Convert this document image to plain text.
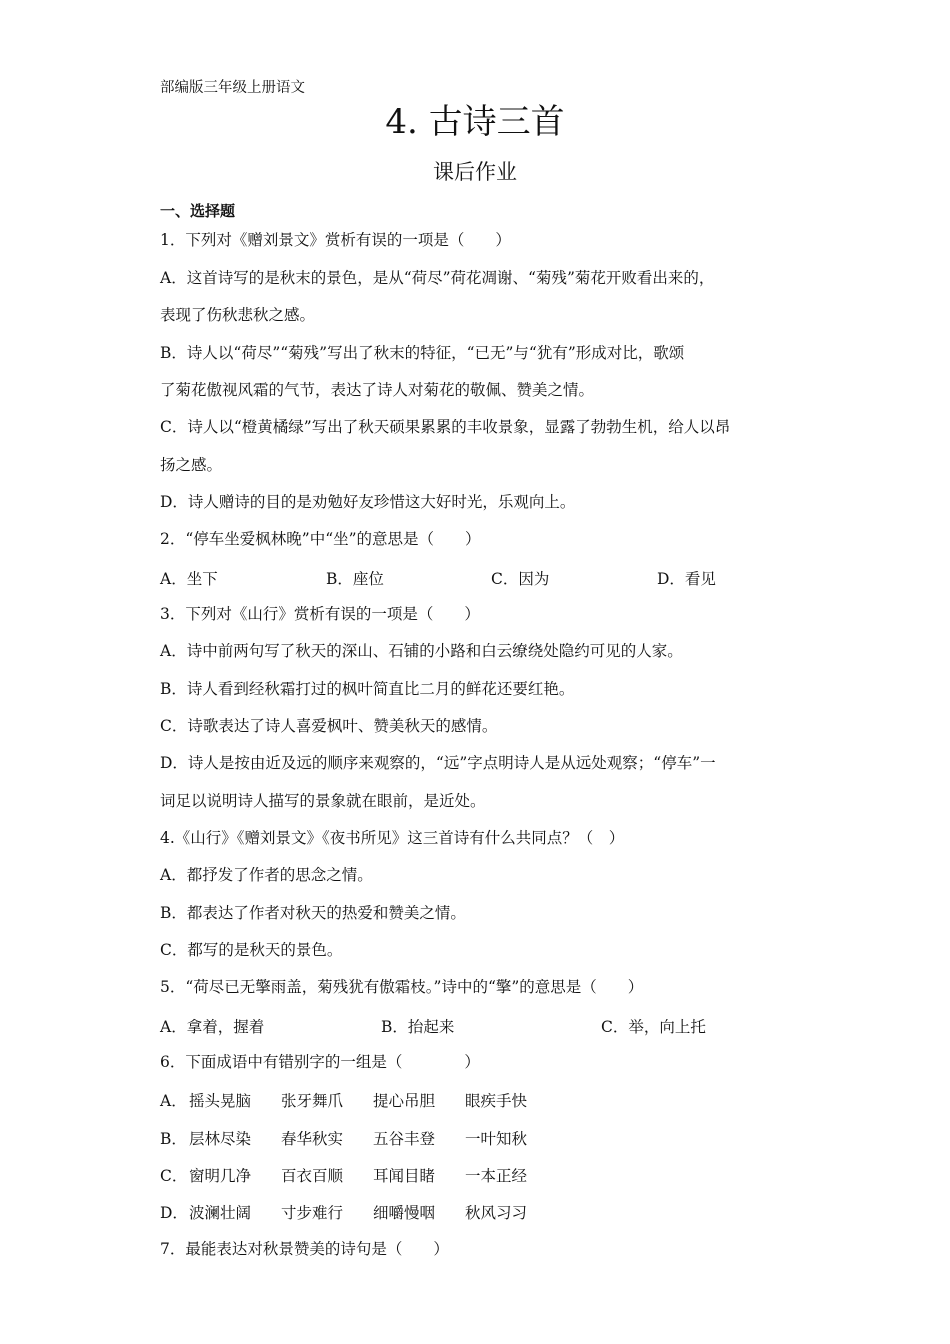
部编版三年级上册语文
4. 古诗三首
课后作业
一、选择题
1．下列对《赠刘景文》赏析有误的一项是（　　）
A．这首诗写的是秋末的景色，是从“荷尽”荷花凋谢、“菊残”菊花开败看出来的，
表现了伤秋悲秋之感。
B．诗人以“荷尽”“菊残”写出了秋末的特征，“已无”与“犹有”形成对比，歌颂
了菊花傲视风霜的气节，表达了诗人对菊花的敬佩、赞美之情。
C．诗人以“橙黄橘绿”写出了秋天硕果累累的丰收景象，显露了勃勃生机，给人以昂
扬之感。
D．诗人赠诗的目的是劝勉好友珍惜这大好时光，乐观向上。
2．“停车坐爱枫林晚”中“坐”的意思是（　　）
A．坐下	B．座位	C．因为	D．看见
3．下列对《山行》赏析有误的一项是（　　）
A．诗中前两句写了秋天的深山、石铺的小路和白云缭绕处隐约可见的人家。
B．诗人看到经秋霜打过的枫叶简直比二月的鲜花还要红艳。
C．诗歌表达了诗人喜爱枫叶、赞美秋天的感情。
D．诗人是按由近及远的顺序来观察的，“远”字点明诗人是从远处观察；“停车”一
词足以说明诗人描写的景象就在眼前，是近处。
4.《山行》《赠刘景文》《夜书所见》这三首诗有什么共同点？（　）
A．都抒发了作者的思念之情。
B．都表达了作者对秋天的热爱和赞美之情。
C．都写的是秋天的景色。
5．“荷尽已无擎雨盖，菊残犹有傲霜枝。”诗中的“擎”的意思是（　　）
A．拿着，握着	B．抬起来	C．举，向上托
6．下面成语中有错别字的一组是（　　　　）
A． 摇头晃脑 张牙舞爪 提心吊胆 眼疾手快
B． 层林尽染 春华秋实 五谷丰登 一叶知秋
C． 窗明几净 百衣百顺 耳闻目睹 一本正经
D． 波澜壮阔 寸步难行 细嚼慢咽 秋风习习
7．最能表达对秋景赞美的诗句是（　　）
